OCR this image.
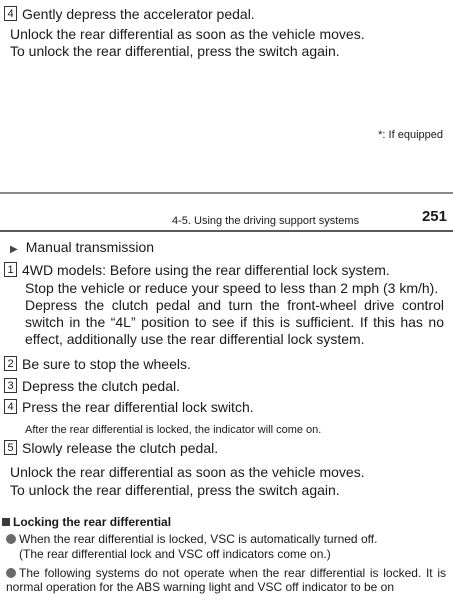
4 Gently depress the accelerator pedal.
Unlock the rear differential as soon as the vehicle moves.
To unlock the rear differential, press the switch again.
*: If equipped
4-5. Using the driving support systems	251
▶ Manual transmission
1 4WD models: Before using the rear differential lock system.
Stop the vehicle or reduce your speed to less than 2 mph (3 km/h).
Depress the clutch pedal and turn the front-wheel drive control switch in the “4L” position to see if this is sufficient. If this has no effect, additionally use the rear differential lock system.
2 Be sure to stop the wheels.
3 Depress the clutch pedal.
4 Press the rear differential lock switch.
After the rear differential is locked, the indicator will come on.
5 Slowly release the clutch pedal.
Unlock the rear differential as soon as the vehicle moves.
To unlock the rear differential, press the switch again.
Locking the rear differential
When the rear differential is locked, VSC is automatically turned off.
(The rear differential lock and VSC off indicators come on.)
The following systems do not operate when the rear differential is locked. It is normal operation for the ABS warning light and VSC off indicator to be on
